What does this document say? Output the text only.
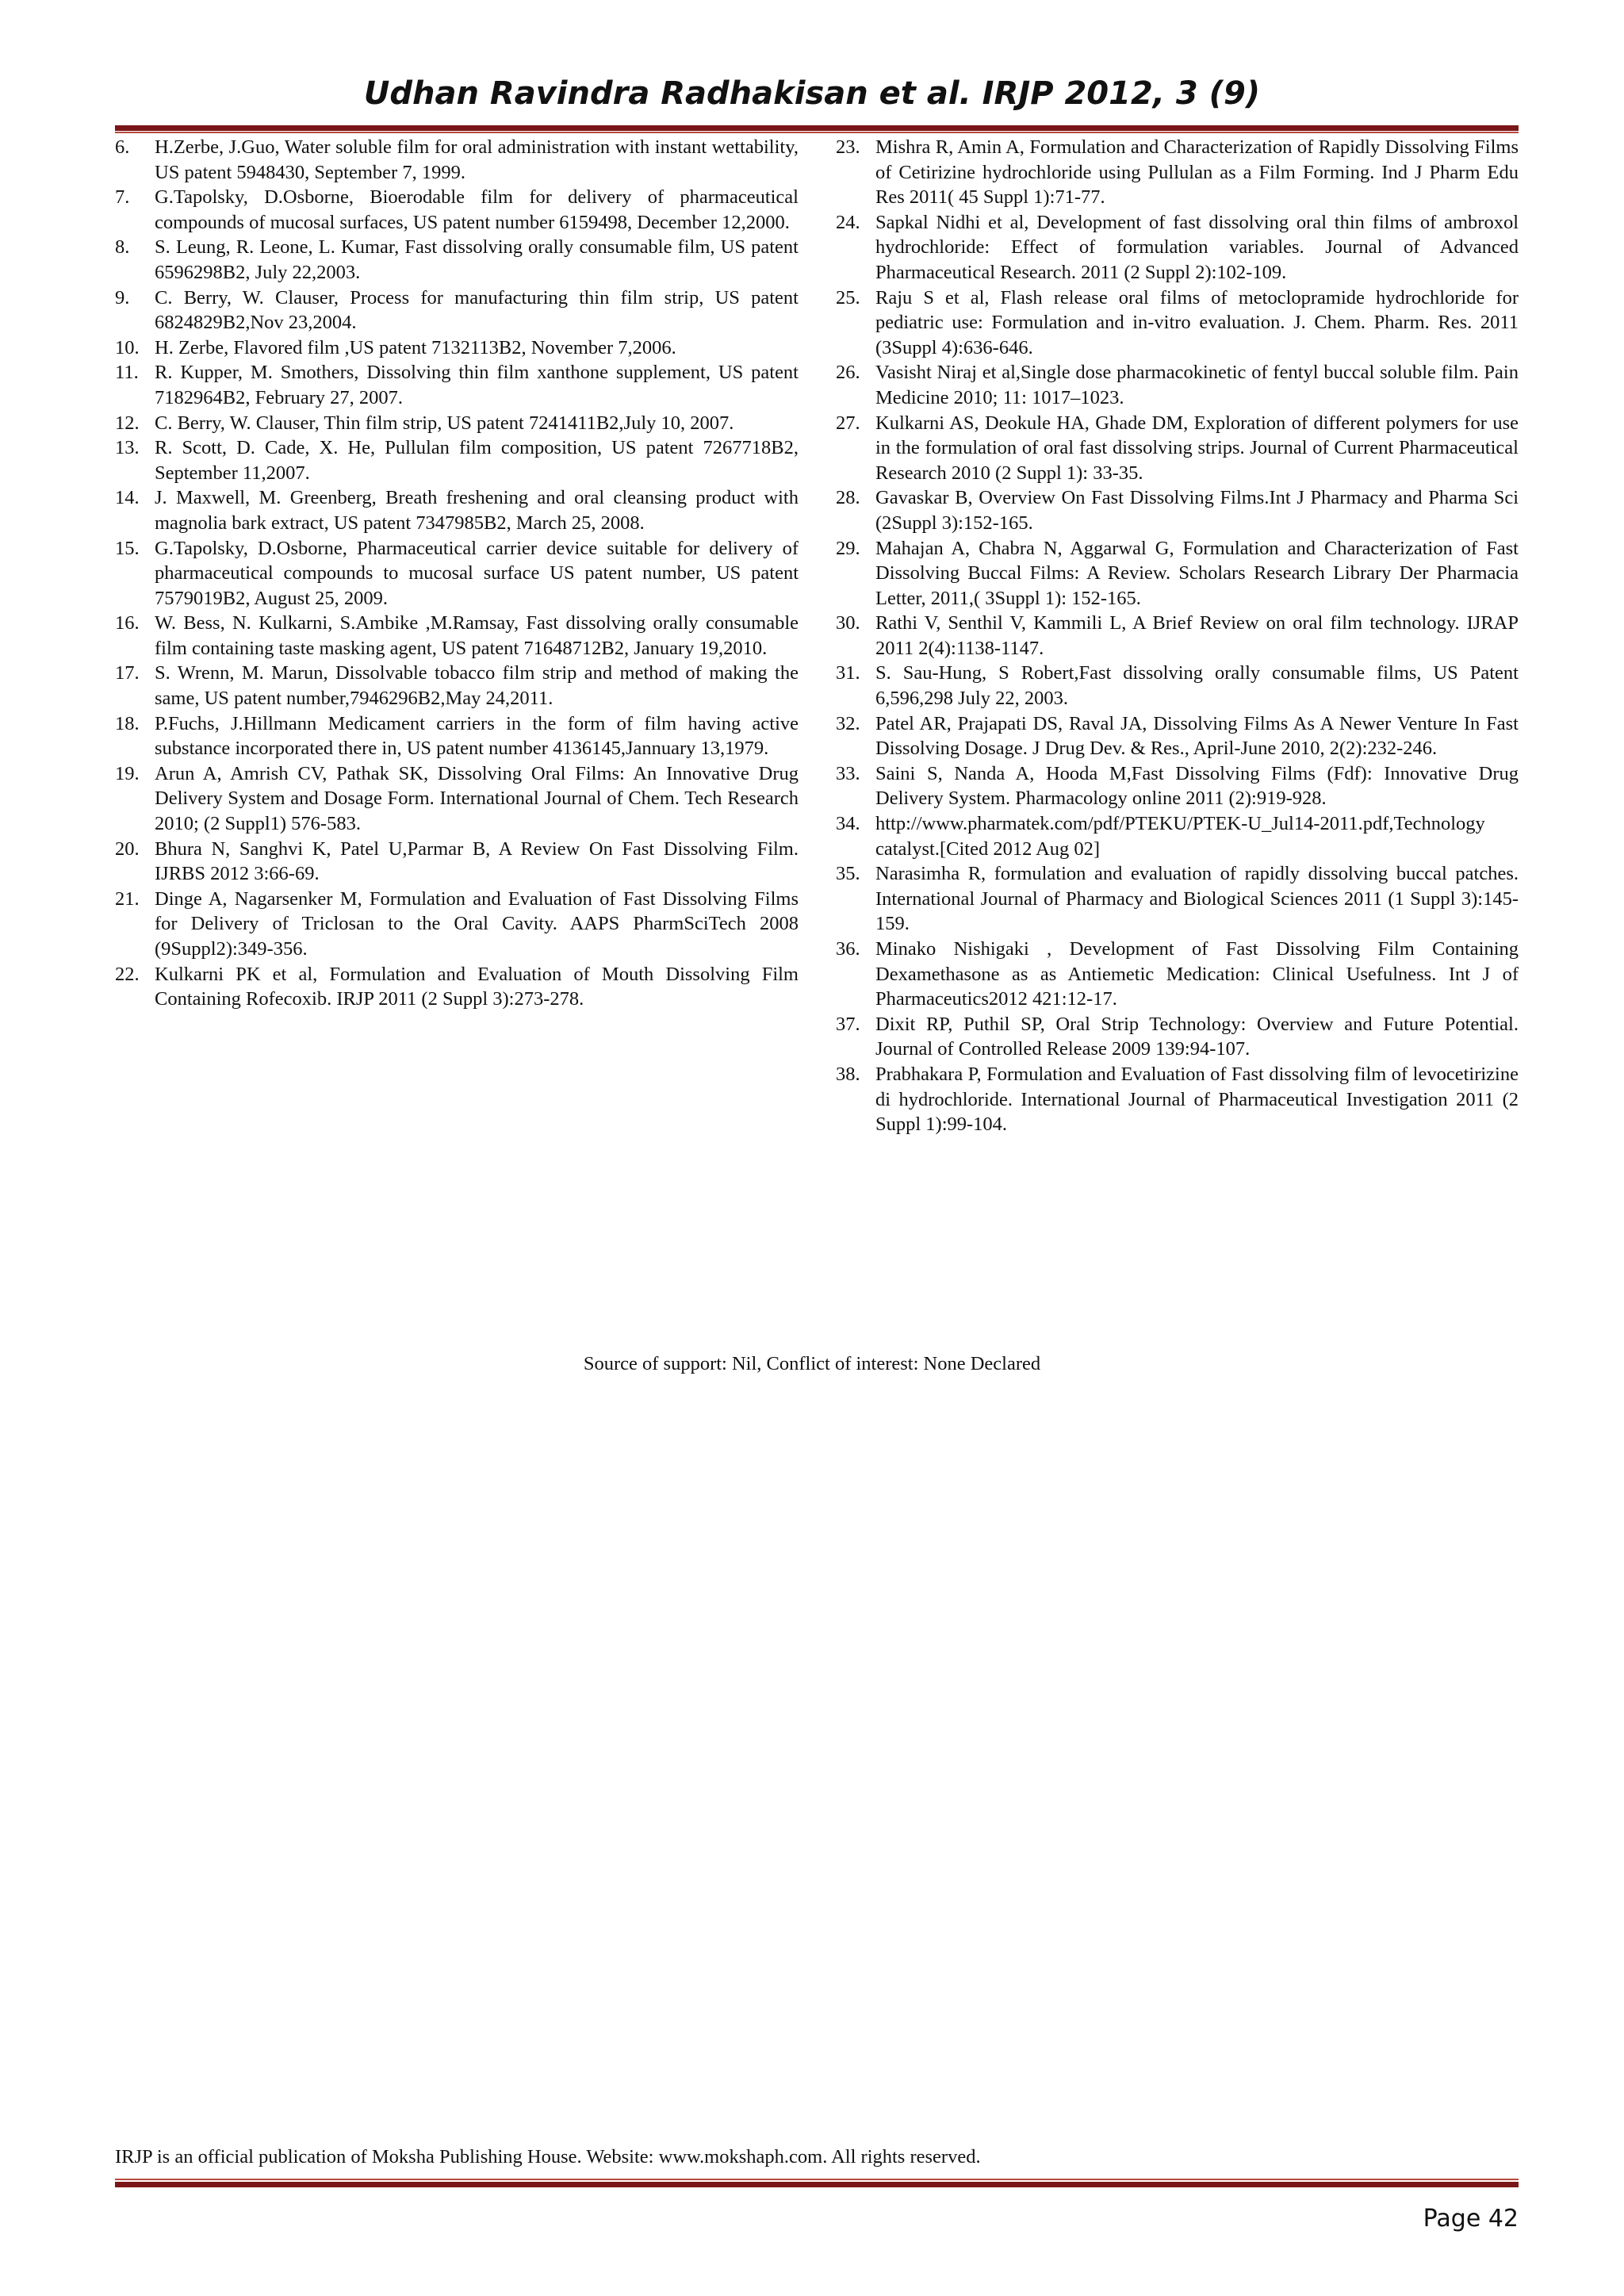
Udhan Ravindra Radhakisan et al. IRJP 2012, 3 (9)
6.	H.Zerbe, J.Guo, Water soluble film for oral administration with instant wettability, US patent 5948430, September 7, 1999.
7.	G.Tapolsky, D.Osborne, Bioerodable film for delivery of pharmaceutical compounds of mucosal surfaces, US patent number 6159498, December 12,2000.
8.	S. Leung, R. Leone, L. Kumar, Fast dissolving orally consumable film, US patent 6596298B2, July 22,2003.
9.	C. Berry, W. Clauser, Process for manufacturing thin film strip, US patent 6824829B2,Nov 23,2004.
10. H. Zerbe, Flavored film ,US patent 7132113B2, November 7,2006.
11. R. Kupper, M. Smothers, Dissolving thin film xanthone supplement, US patent 7182964B2, February 27, 2007.
12. C. Berry, W. Clauser, Thin film strip, US patent 7241411B2,July 10, 2007.
13. R. Scott, D. Cade, X. He, Pullulan film composition, US patent 7267718B2, September 11,2007.
14. J. Maxwell, M. Greenberg, Breath freshening and oral cleansing product with magnolia bark extract, US patent 7347985B2, March 25, 2008.
15. G.Tapolsky, D.Osborne, Pharmaceutical carrier device suitable for delivery of pharmaceutical compounds to mucosal surface US patent number, US patent 7579019B2, August 25, 2009.
16. W. Bess, N. Kulkarni, S.Ambike ,M.Ramsay, Fast dissolving orally consumable film containing taste masking agent, US patent 71648712B2, January 19,2010.
17. S. Wrenn, M. Marun, Dissolvable tobacco film strip and method of making the same, US patent number,7946296B2,May 24,2011.
18. P.Fuchs, J.Hillmann Medicament carriers in the form of film having active substance incorporated there in, US patent number 4136145,Jannuary 13,1979.
19. Arun A, Amrish CV, Pathak SK, Dissolving Oral Films: An Innovative Drug Delivery System and Dosage Form. International Journal of Chem. Tech Research 2010; (2 Suppl1) 576-583.
20. Bhura N, Sanghvi K, Patel U,Parmar B, A Review On Fast Dissolving Film. IJRBS 2012 3:66-69.
21. Dinge A, Nagarsenker M, Formulation and Evaluation of Fast Dissolving Films for Delivery of Triclosan to the Oral Cavity. AAPS PharmSciTech 2008 (9Suppl2):349-356.
22. Kulkarni PK et al, Formulation and Evaluation of Mouth Dissolving Film Containing Rofecoxib. IRJP 2011 (2 Suppl 3):273-278.
23. Mishra R, Amin A, Formulation and Characterization of Rapidly Dissolving Films of Cetirizine hydrochloride using Pullulan as a Film Forming. Ind J Pharm Edu Res 2011( 45 Suppl 1):71-77.
24. Sapkal Nidhi et al, Development of fast dissolving oral thin films of ambroxol hydrochloride: Effect of formulation variables. Journal of Advanced Pharmaceutical Research. 2011 (2 Suppl 2):102-109.
25. Raju S et al, Flash release oral films of metoclopramide hydrochloride for pediatric use: Formulation and in-vitro evaluation. J. Chem. Pharm. Res. 2011 (3Suppl 4):636-646.
26. Vasisht Niraj et al,Single dose pharmacokinetic of fentyl buccal soluble film. Pain Medicine 2010; 11: 1017–1023.
27. Kulkarni AS, Deokule HA, Ghade DM, Exploration of different polymers for use in the formulation of oral fast dissolving strips. Journal of Current Pharmaceutical Research 2010 (2 Suppl 1): 33-35.
28. Gavaskar B, Overview On Fast Dissolving Films.Int J Pharmacy and Pharma Sci (2Suppl 3):152-165.
29. Mahajan A, Chabra N, Aggarwal G, Formulation and Characterization of Fast Dissolving Buccal Films: A Review. Scholars Research Library Der Pharmacia Letter, 2011,( 3Suppl 1): 152-165.
30. Rathi V, Senthil V, Kammili L, A Brief Review on oral film technology. IJRAP 2011 2(4):1138-1147.
31. S. Sau-Hung, S Robert,Fast dissolving orally consumable films, US Patent 6,596,298 July 22, 2003.
32. Patel AR, Prajapati DS, Raval JA, Dissolving Films As A Newer Venture In Fast Dissolving Dosage. J Drug Dev. & Res., April-June 2010, 2(2):232-246.
33. Saini S, Nanda A, Hooda M,Fast Dissolving Films (Fdf): Innovative Drug Delivery System. Pharmacology online 2011 (2):919-928.
34. http://www.pharmatek.com/pdf/PTEKU/PTEK-U_Jul14-2011.pdf,Technology catalyst.[Cited 2012 Aug 02]
35. Narasimha R, formulation and evaluation of rapidly dissolving buccal patches. International Journal of Pharmacy and Biological Sciences 2011 (1 Suppl 3):145-159.
36. Minako Nishigaki , Development of Fast Dissolving Film Containing Dexamethasone as as Antiemetic Medication: Clinical Usefulness. Int J of Pharmaceutics2012 421:12-17.
37. Dixit RP, Puthil SP, Oral Strip Technology: Overview and Future Potential. Journal of Controlled Release 2009 139:94-107.
38. Prabhakara P, Formulation and Evaluation of Fast dissolving film of levocetirizine di hydrochloride. International Journal of Pharmaceutical Investigation 2011 (2 Suppl 1):99-104.
Source of support: Nil, Conflict of interest: None Declared
IRJP is an official publication of Moksha Publishing House. Website: www.mokshaph.com. All rights reserved.
Page 42
